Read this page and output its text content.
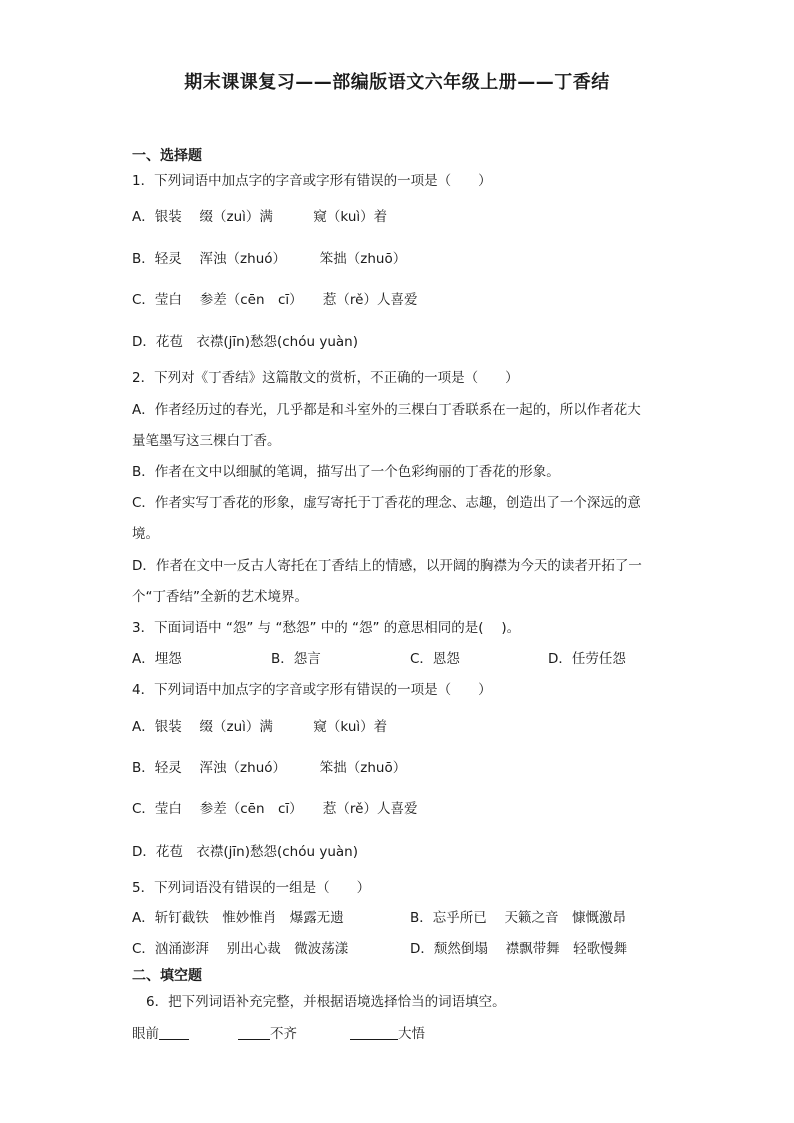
期末课课复习——部编版语文六年级上册——丁香结
一、选择题
1．下列词语中加点字的字音或字形有错误的一项是（　　）
A．银装　 缀（zuì）满　　　窥（kuì）着
B．轻灵　 浑浊（zhuó）　　　笨拙（zhuō）
C．莹白　 参差（cēn　cī）　　惹（rě）人喜爱
D．花苞　衣襟(jīn)愁怨(chóu yuàn)
2．下列对《丁香结》这篇散文的赏析，不正确的一项是（　　）
A．作者经历过的春光，几乎都是和斗室外的三棵白丁香联系在一起的，所以作者花大
量笔墨写这三棵白丁香。
B．作者在文中以细腻的笔调，描写出了一个色彩绚丽的丁香花的形象。
C．作者实写丁香花的形象，虚写寄托于丁香花的理念、志趣，创造出了一个深远的意
境。
D．作者在文中一反古人寄托在丁香结上的情感，以开阔的胸襟为今天的读者开拓了一
个“丁香结”全新的艺术境界。
3．下面词语中 “怨” 与 “愁怨” 中的 “怨” 的意思相同的是(　 )。
A．埋怨	B．怨言	C．恩怨	D．任劳任怨
4．下列词语中加点字的字音或字形有错误的一项是（　　）
A．银装　 缀（zuì）满　　　窥（kuì）着
B．轻灵　 浑浊（zhuó）　　　笨拙（zhuō）
C．莹白　 参差（cēn　cī）　　惹（rě）人喜爱
D．花苞　衣襟(jīn)愁怨(chóu yuàn)
5．下列词语没有错误的一组是（　　）
A．斩钉截铁　惟妙惟肖　爆露无遗	B．忘乎所已　 天籁之音　慷慨激昂
C．汹涌澎湃　 别出心裁　微波荡漾	D．颓然倒塌　 襟飘带舞　轻歌慢舞
二、填空题
6．把下列词语补充完整，并根据语境选择恰当的词语填空。
眼前	不齐	大悟
